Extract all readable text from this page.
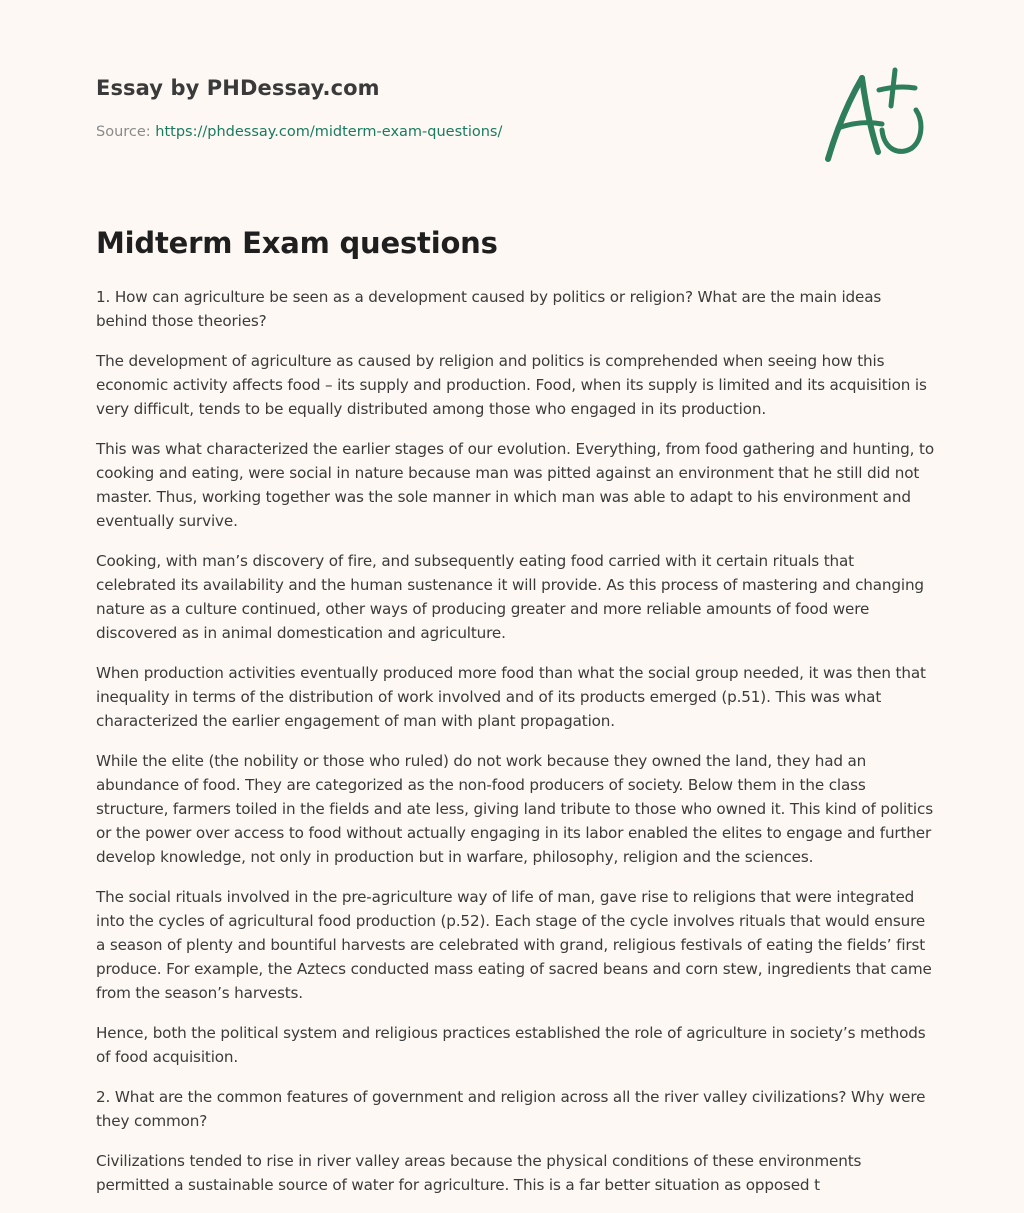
Essay by PHDessay.com
Source: https://phdessay.com/midterm-exam-questions/
Midterm Exam questions

1. How can agriculture be seen as a development caused by politics or religion? What are the main ideas behind those theories?

The development of agriculture as caused by religion and politics is comprehended when seeing how this economic activity affects food – its supply and production. Food, when its supply is limited and its acquisition is very difficult, tends to be equally distributed among those who engaged in its production.

This was what characterized the earlier stages of our evolution. Everything, from food gathering and hunting, to cooking and eating, were social in nature because man was pitted against an environment that he still did not master. Thus, working together was the sole manner in which man was able to adapt to his environment and eventually survive.

Cooking, with man’s discovery of fire, and subsequently eating food carried with it certain rituals that celebrated its availability and the human sustenance it will provide. As this process of mastering and changing nature as a culture continued, other ways of producing greater and more reliable amounts of food were discovered as in animal domestication and agriculture.

When production activities eventually produced more food than what the social group needed, it was then that inequality in terms of the distribution of work involved and of its products emerged (p.51). This was what characterized the earlier engagement of man with plant propagation.

While the elite (the nobility or those who ruled) do not work because they owned the land, they had an abundance of food. They are categorized as the non-food producers of society. Below them in the class structure, farmers toiled in the fields and ate less, giving land tribute to those who owned it. This kind of politics or the power over access to food without actually engaging in its labor enabled the elites to engage and further develop knowledge, not only in production but in warfare, philosophy, religion and the sciences.

The social rituals involved in the pre-agriculture way of life of man, gave rise to religions that were integrated into the cycles of agricultural food production (p.52). Each stage of the cycle involves rituals that would ensure a season of plenty and bountiful harvests are celebrated with grand, religious festivals of eating the fields’ first produce. For example, the Aztecs conducted mass eating of sacred beans and corn stew, ingredients that came from the season’s harvests.

Hence, both the political system and religious practices established the role of agriculture in society’s methods of food acquisition.

2. What are the common features of government and religion across all the river valley civilizations? Why were they common?

Civilizations tended to rise in river valley areas because the physical conditions of these environments permitted a sustainable source of water for agriculture. This is a far better situation as opposed t
